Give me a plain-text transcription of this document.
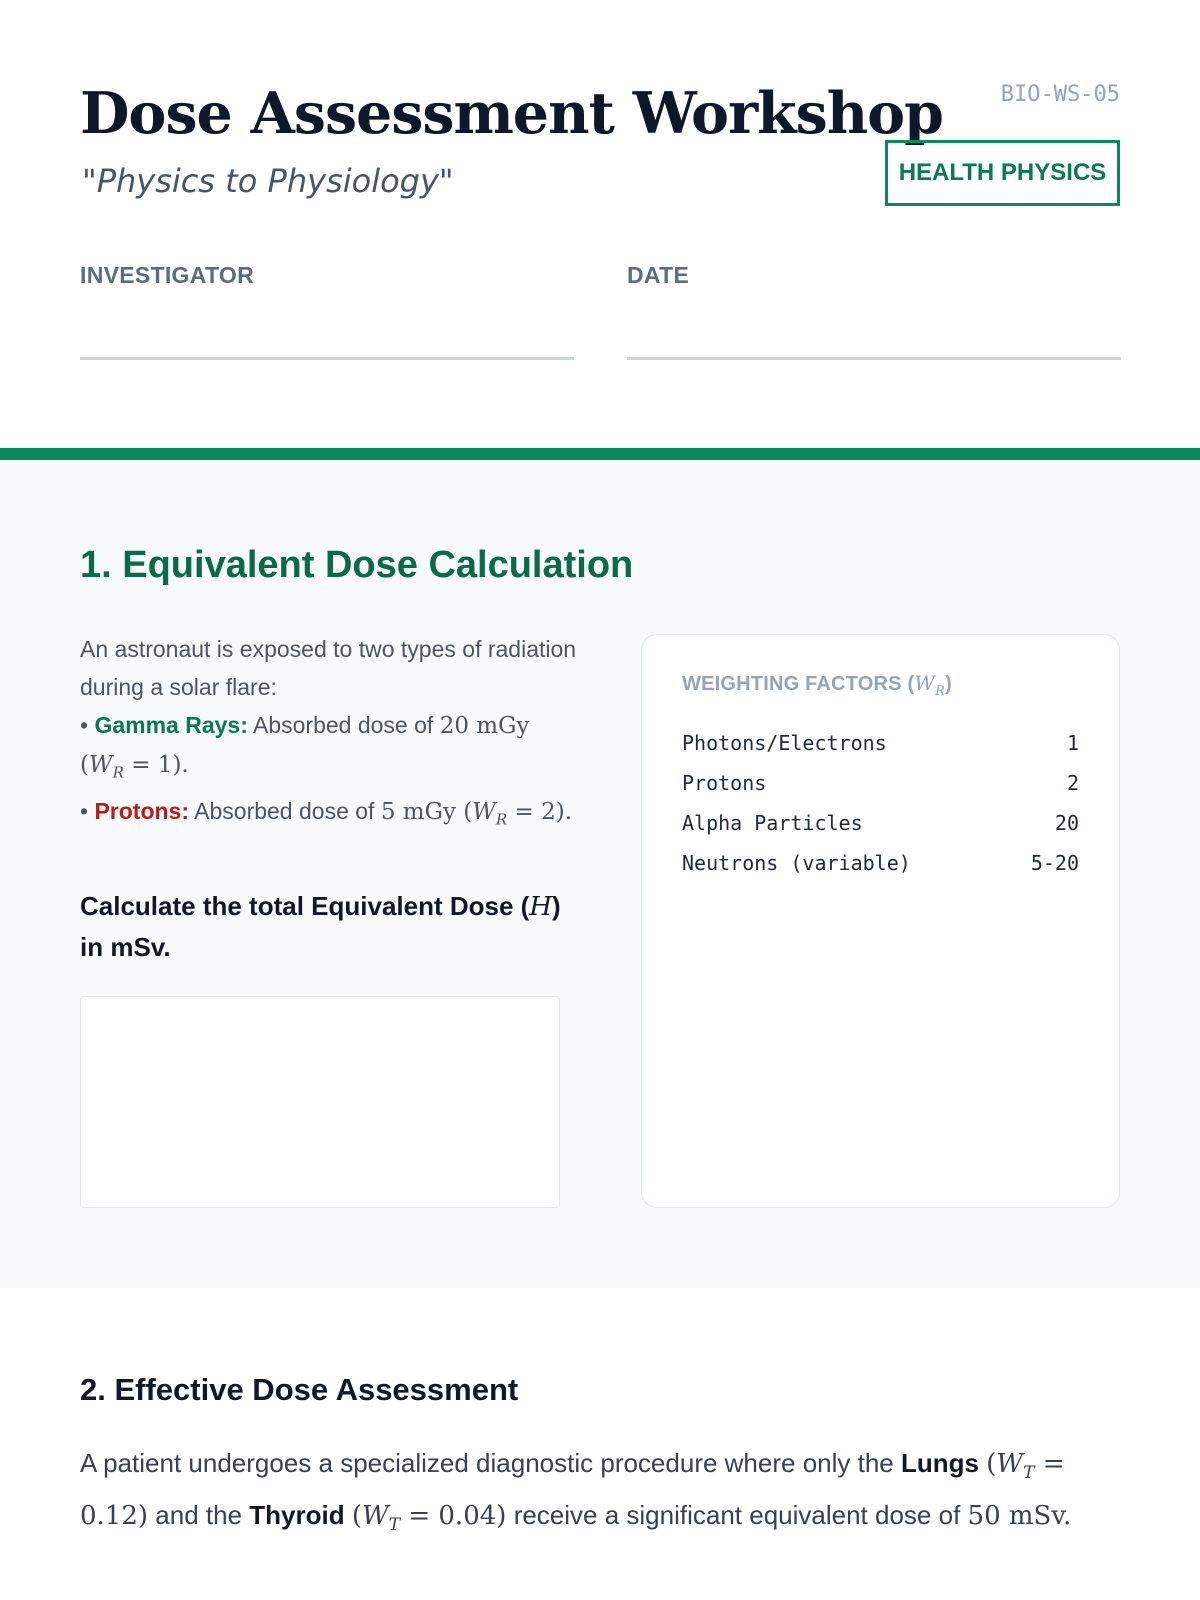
Dose Assessment Workshop
"Physics to Physiology"
BIO-WS-05
HEALTH PHYSICS
INVESTIGATOR	DATE
1. Equivalent Dose Calculation
An astronaut is exposed to two types of radiation during a solar flare:
• Gamma Rays: Absorbed dose of 20 mGy $(W_R = 1)$.
• Protons: Absorbed dose of 5 mGy $(W_R = 2)$.
Calculate the total Equivalent Dose (H) in mSv.
WEIGHTING FACTORS $(W_R)$
Photons/Electrons	1
Protons	2
Alpha Particles	20
Neutrons (variable)	5-20
2. Effective Dose Assessment
A patient undergoes a specialized diagnostic procedure where only the Lungs $(W_T = 0.12)$ and the Thyroid $(W_T = 0.04)$ receive a significant equivalent dose of 50 mSv.
